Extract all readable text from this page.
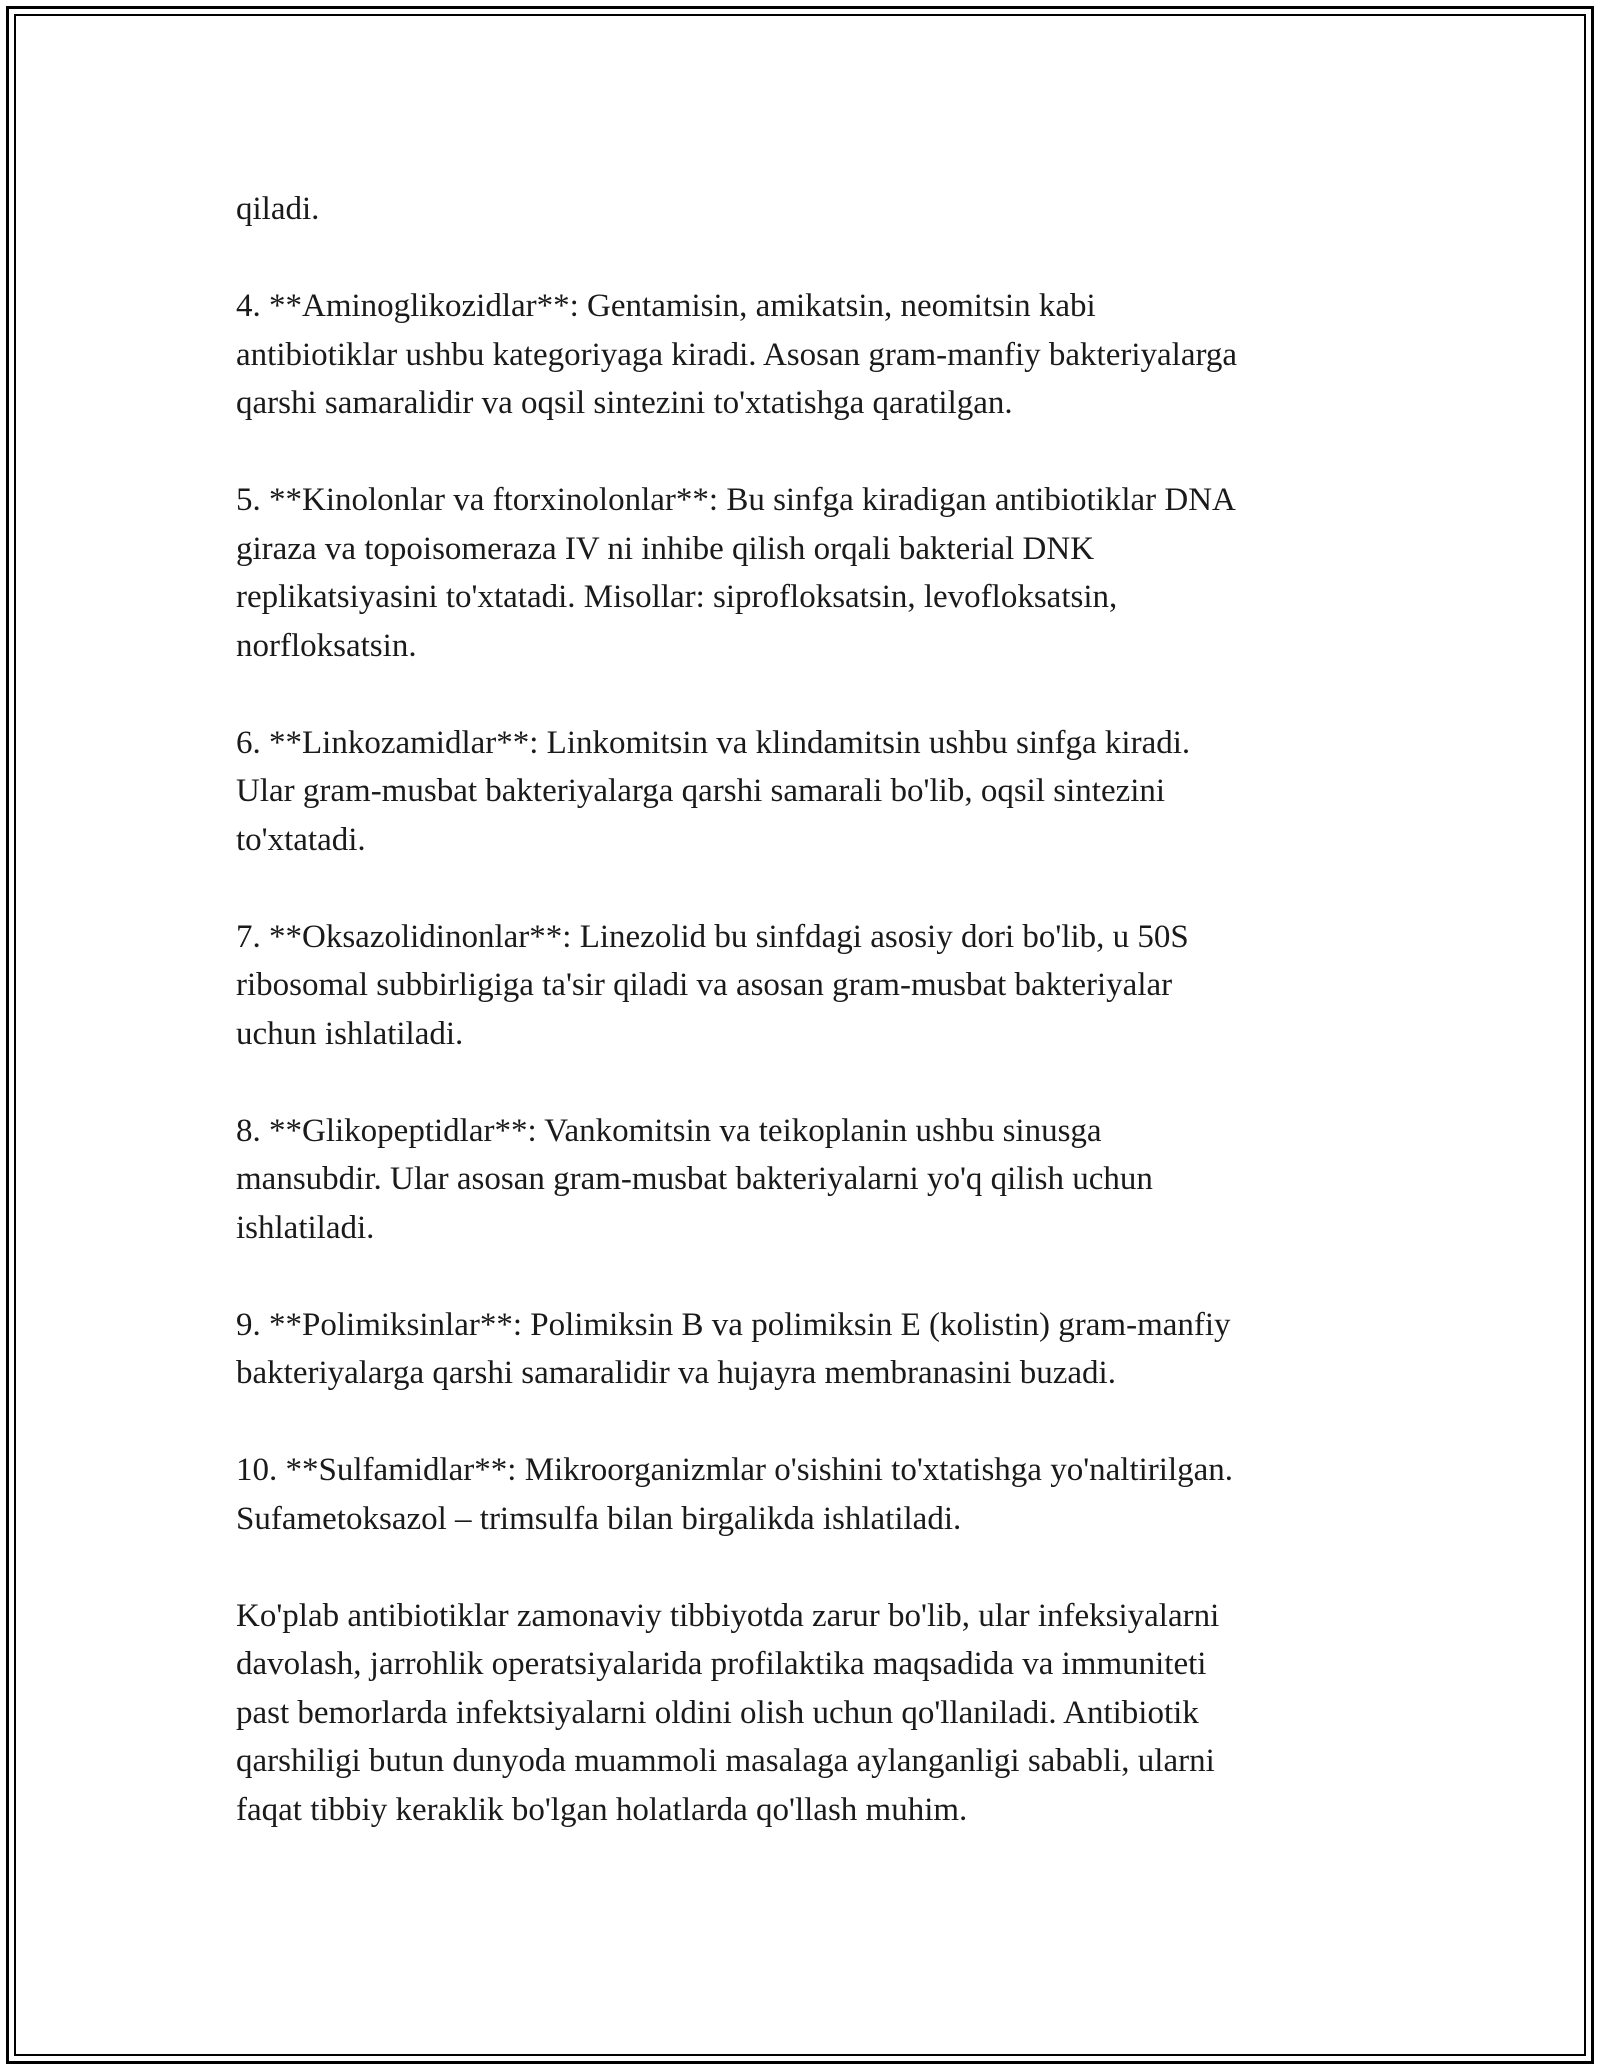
qiladi.

4. **Aminoglikozidlar**: Gentamisin, amikatsin, neomitsin kabi
antibiotiklar ushbu kategoriyaga kiradi. Asosan gram-manfiy bakteriyalarga
qarshi samaralidir va oqsil sintezini to'xtatishga qaratilgan.

5. **Kinolonlar va ftorxinolonlar**: Bu sinfga kiradigan antibiotiklar DNA
giraza va topoisomeraza IV ni inhibe qilish orqali bakterial DNK
replikatsiyasini to'xtatadi. Misollar: siprofloksatsin, levofloksatsin,
norfloksatsin.

6. **Linkozamidlar**: Linkomitsin va klindamitsin ushbu sinfga kiradi.
Ular gram-musbat bakteriyalarga qarshi samarali bo'lib, oqsil sintezini
to'xtatadi.

7. **Oksazolidinonlar**: Linezolid bu sinfdagi asosiy dori bo'lib, u 50S
ribosomal subbirligiga ta'sir qiladi va asosan gram-musbat bakteriyalar
uchun ishlatiladi.

8. **Glikopeptidlar**: Vankomitsin va teikoplanin ushbu sinusga
mansubdir. Ular asosan gram-musbat bakteriyalarni yo'q qilish uchun
ishlatiladi.

9. **Polimiksinlar**: Polimiksin B va polimiksin E (kolistin) gram-manfiy
bakteriyalarga qarshi samaralidir va hujayra membranasini buzadi.

10. **Sulfamidlar**: Mikroorganizmlar o'sishini to'xtatishga yo'naltirilgan.
Sufametoksazol – trimsulfa bilan birgalikda ishlatiladi.

Ko'plab antibiotiklar zamonaviy tibbiyotda zarur bo'lib, ular infeksiyalarni
davolash, jarrohlik operatsiyalarida profilaktika maqsadida va immuniteti
past bemorlarda infektsiyalarni oldini olish uchun qo'llaniladi. Antibiotik
qarshiligi butun dunyoda muammoli masalaga aylanganligi sababli, ularni
faqat tibbiy keraklik bo'lgan holatlarda qo'llash muhim.
